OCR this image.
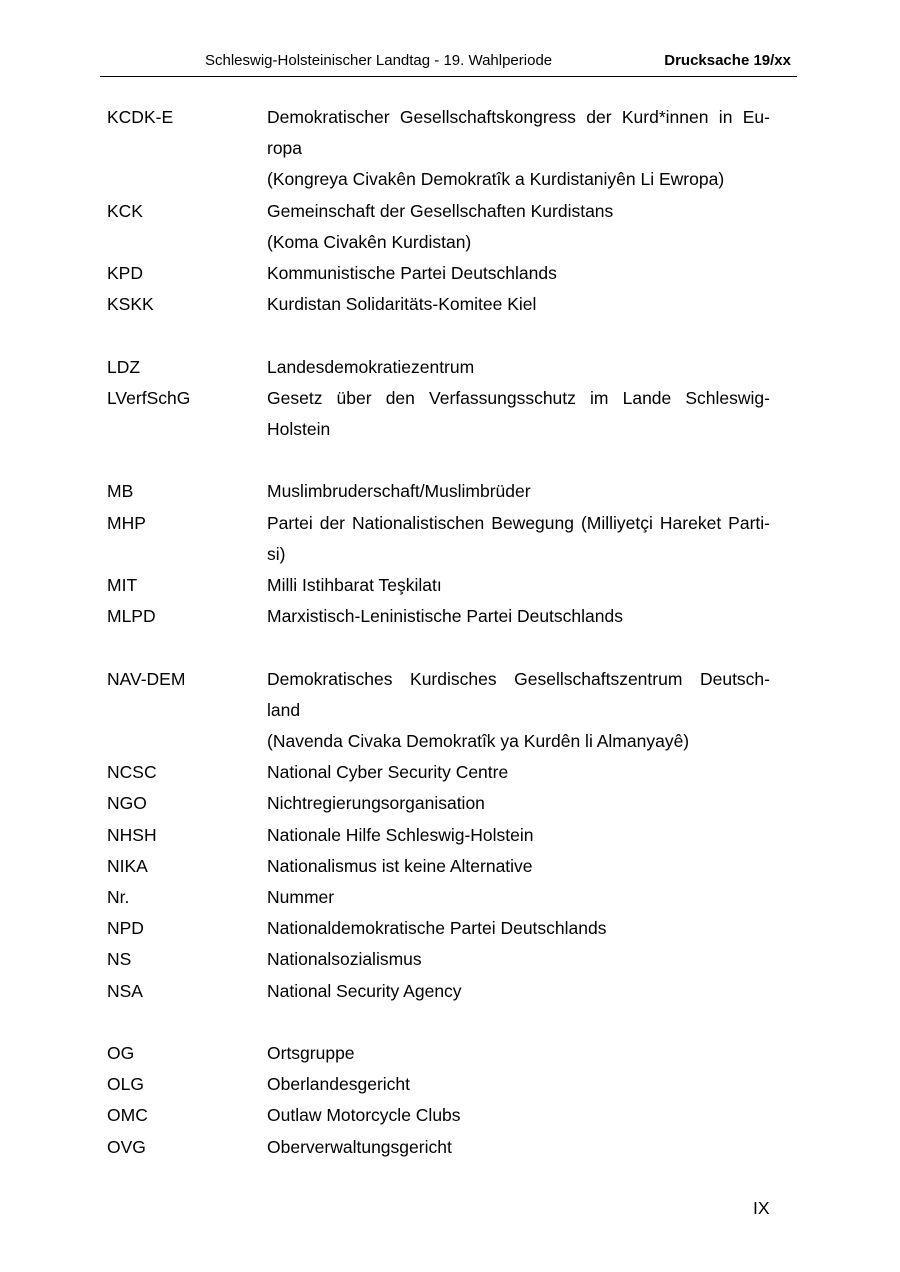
Schleswig-Holsteinischer Landtag - 19. Wahlperiode	Drucksache 19/xx
KCDK-E	Demokratischer Gesellschaftskongress der Kurd*innen in Eu-
ropa
(Kongreya Civakên Demokratîk a Kurdistaniyên Li Ewropa)
KCK	Gemeinschaft der Gesellschaften Kurdistans
(Koma Civakên Kurdistan)
KPD	Kommunistische Partei Deutschlands
KSKK	Kurdistan Solidaritäts-Komitee Kiel
LDZ	Landesdemokratiezentrum
LVerfSchG	Gesetz über den Verfassungsschutz im Lande Schleswig-
Holstein
MB	Muslimbruderschaft/Muslimbrüder
MHP	Partei der Nationalistischen Bewegung (Milliyetçi Hareket Parti-
si)
MIT	Milli Istihbarat Teşkilatı
MLPD	Marxistisch-Leninistische Partei Deutschlands
NAV-DEM	Demokratisches Kurdisches Gesellschaftszentrum Deutsch-
land
(Navenda Civaka Demokratîk ya Kurdên li Almanyayê)
NCSC	National Cyber Security Centre
NGO	Nichtregierungsorganisation
NHSH	Nationale Hilfe Schleswig-Holstein
NIKA	Nationalismus ist keine Alternative
Nr.	Nummer
NPD	Nationaldemokratische Partei Deutschlands
NS	Nationalsozialismus
NSA	National Security Agency
OG	Ortsgruppe
OLG	Oberlandesgericht
OMC	Outlaw Motorcycle Clubs
OVG	Oberverwaltungsgericht
IX
